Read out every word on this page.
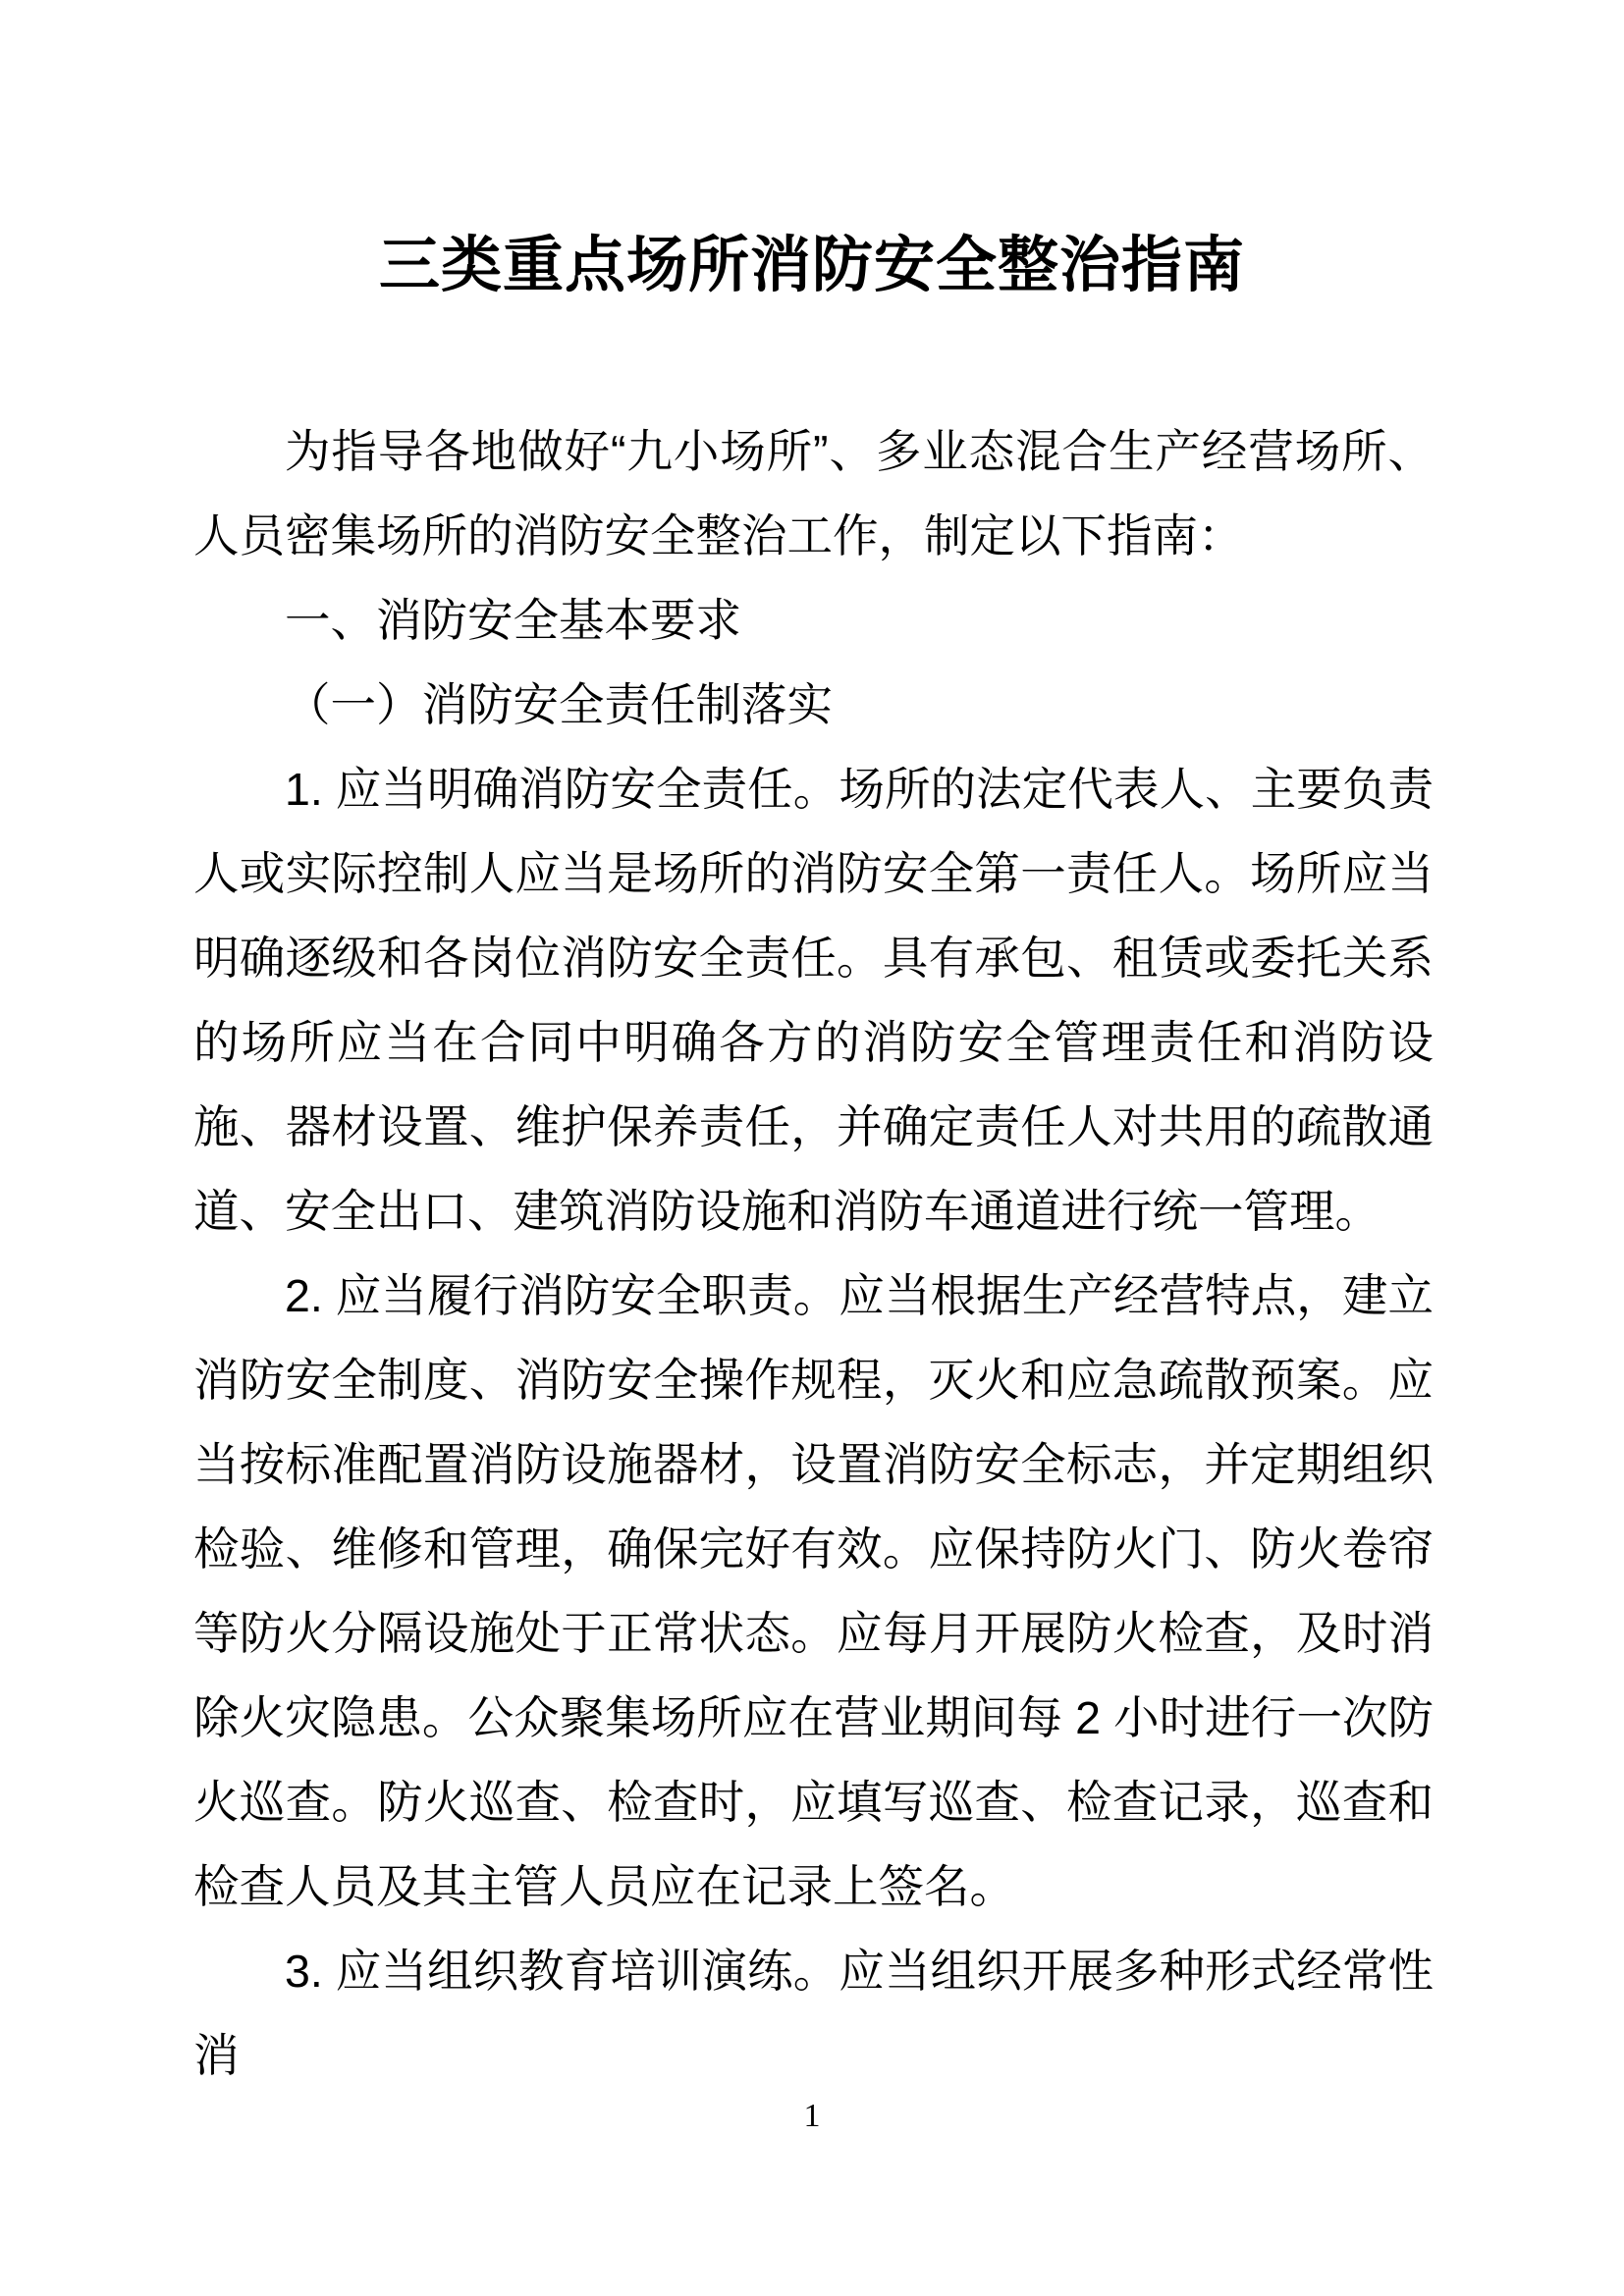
三类重点场所消防安全整治指南

为指导各地做好“九小场所”、多业态混合生产经营场所、人员密集场所的消防安全整治工作，制定以下指南：

一、消防安全基本要求

（一）消防安全责任制落实

1. 应当明确消防安全责任。场所的法定代表人、主要负责人或实际控制人应当是场所的消防安全第一责任人。场所应当明确逐级和各岗位消防安全责任。具有承包、租赁或委托关系的场所应当在合同中明确各方的消防安全管理责任和消防设施、器材设置、维护保养责任，并确定责任人对共用的疏散通道、安全出口、建筑消防设施和消防车通道进行统一管理。

2. 应当履行消防安全职责。应当根据生产经营特点，建立消防安全制度、消防安全操作规程，灭火和应急疏散预案。应当按标准配置消防设施器材，设置消防安全标志，并定期组织检验、维修和管理，确保完好有效。应保持防火门、防火卷帘等防火分隔设施处于正常状态。应每月开展防火检查，及时消除火灾隐患。公众聚集场所应在营业期间每 2 小时进行一次防火巡查。防火巡查、检查时，应填写巡查、检查记录，巡查和检查人员及其主管人员应在记录上签名。

3. 应当组织教育培训演练。应当组织开展多种形式经常性消

1
